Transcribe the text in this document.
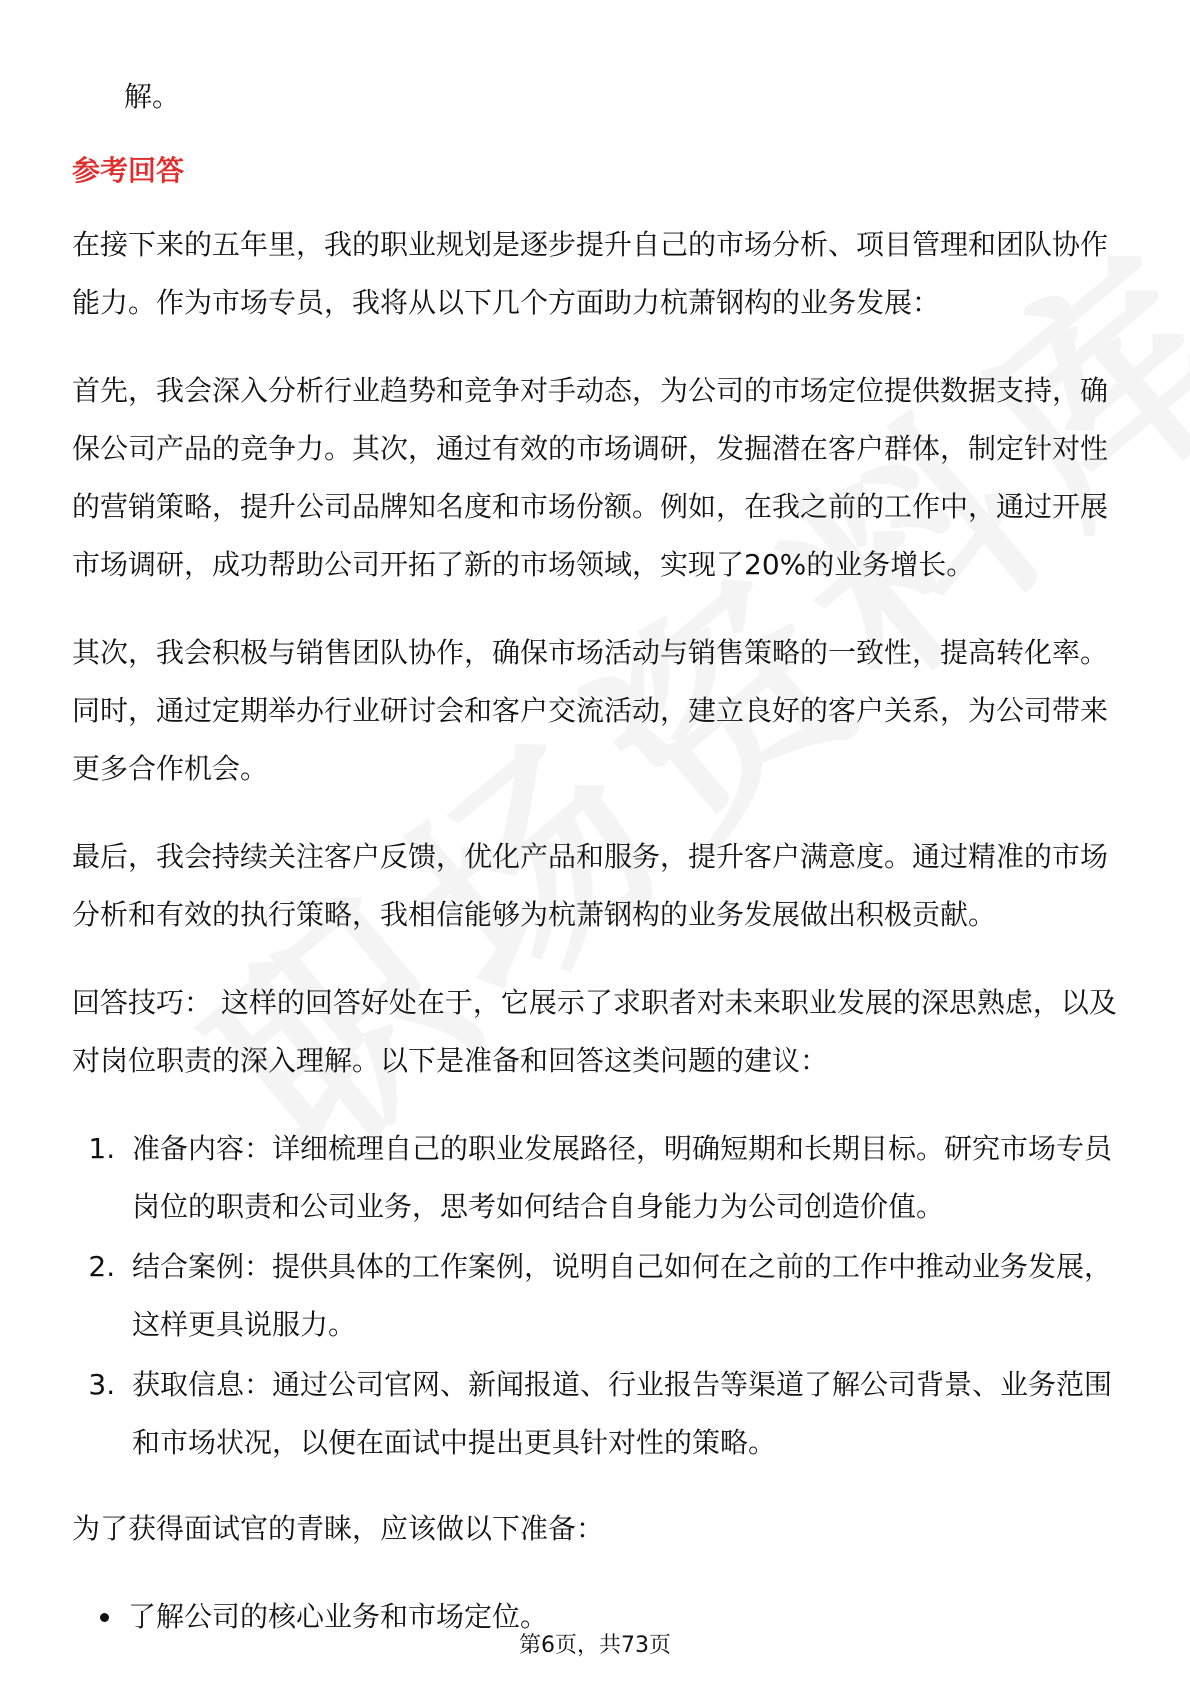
解。

参考回答

在接下来的五年里，我的职业规划是逐步提升自己的市场分析、项目管理和团队协作能力。作为市场专员，我将从以下几个方面助力杭萧钢构的业务发展：

首先，我会深入分析行业趋势和竞争对手动态，为公司的市场定位提供数据支持，确保公司产品的竞争力。其次，通过有效的市场调研，发掘潜在客户群体，制定针对性的营销策略，提升公司品牌知名度和市场份额。例如，在我之前的工作中，通过开展市场调研，成功帮助公司开拓了新的市场领域，实现了20%的业务增长。

其次，我会积极与销售团队协作，确保市场活动与销售策略的一致性，提高转化率。同时，通过定期举办行业研讨会和客户交流活动，建立良好的客户关系，为公司带来更多合作机会。

最后，我会持续关注客户反馈，优化产品和服务，提升客户满意度。通过精准的市场分析和有效的执行策略，我相信能够为杭萧钢构的业务发展做出积极贡献。

回答技巧： 这样的回答好处在于，它展示了求职者对未来职业发展的深思熟虑，以及对岗位职责的深入理解。以下是准备和回答这类问题的建议：

1. 准备内容：详细梳理自己的职业发展路径，明确短期和长期目标。研究市场专员岗位的职责和公司业务，思考如何结合自身能力为公司创造价值。
2. 结合案例：提供具体的工作案例，说明自己如何在之前的工作中推动业务发展，这样更具说服力。
3. 获取信息：通过公司官网、新闻报道、行业报告等渠道了解公司背景、业务范围和市场状况，以便在面试中提出更具针对性的策略。

为了获得面试官的青睐，应该做以下准备：

• 了解公司的核心业务和市场定位。
第6页，共73页
